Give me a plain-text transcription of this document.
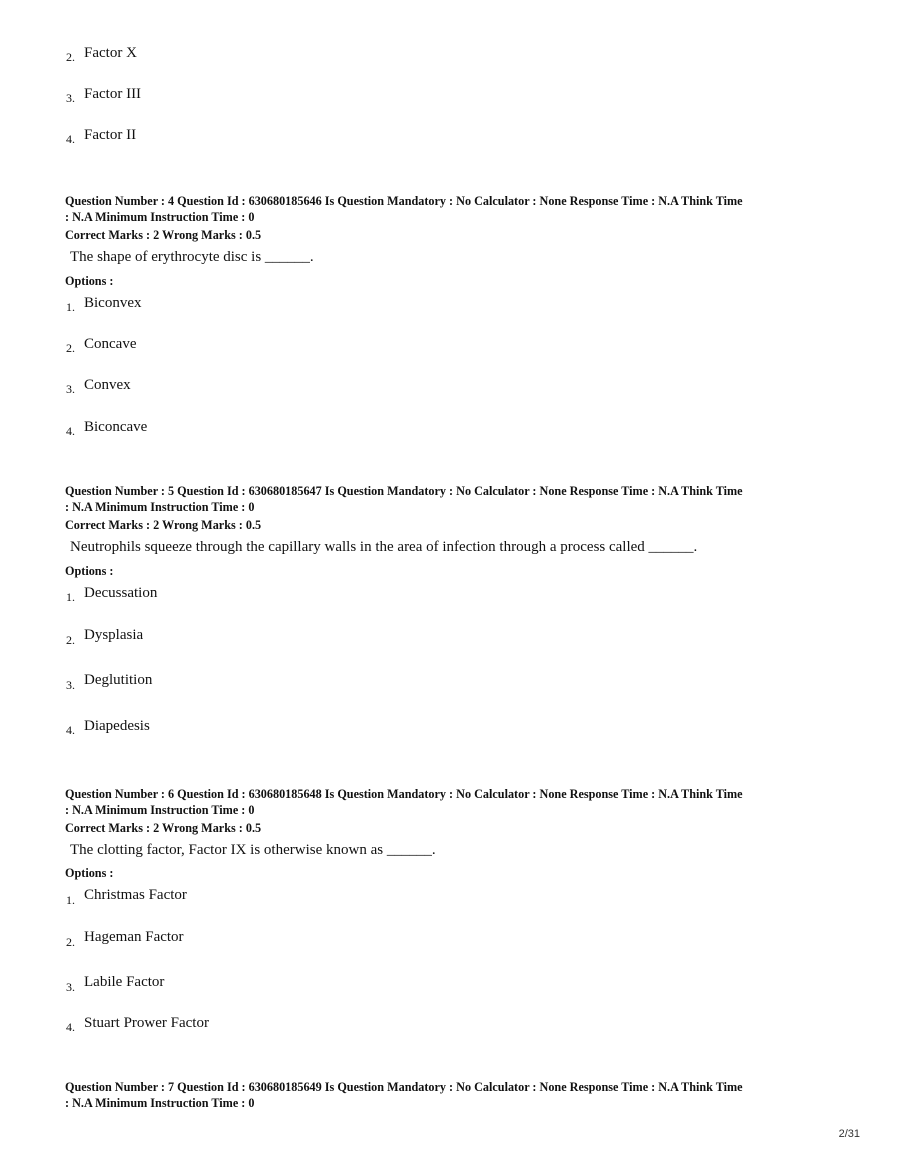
2. Factor X
3. Factor III
4. Factor II
Question Number : 4 Question Id : 630680185646 Is Question Mandatory : No Calculator : None Response Time : N.A Think Time
: N.A Minimum Instruction Time : 0
Correct Marks : 2 Wrong Marks : 0.5
The shape of erythrocyte disc is ______.
Options :
1. Biconvex
2. Concave
3. Convex
4. Biconcave
Question Number : 5 Question Id : 630680185647 Is Question Mandatory : No Calculator : None Response Time : N.A Think Time
: N.A Minimum Instruction Time : 0
Correct Marks : 2 Wrong Marks : 0.5
Neutrophils squeeze through the capillary walls in the area of infection through a process called ______.
Options :
1. Decussation
2. Dysplasia
3. Deglutition
4. Diapedesis
Question Number : 6 Question Id : 630680185648 Is Question Mandatory : No Calculator : None Response Time : N.A Think Time
: N.A Minimum Instruction Time : 0
Correct Marks : 2 Wrong Marks : 0.5
The clotting factor, Factor IX is otherwise known as ______.
Options :
1. Christmas Factor
2. Hageman Factor
3. Labile Factor
4. Stuart Prower Factor
Question Number : 7 Question Id : 630680185649 Is Question Mandatory : No Calculator : None Response Time : N.A Think Time
: N.A Minimum Instruction Time : 0
2/31
